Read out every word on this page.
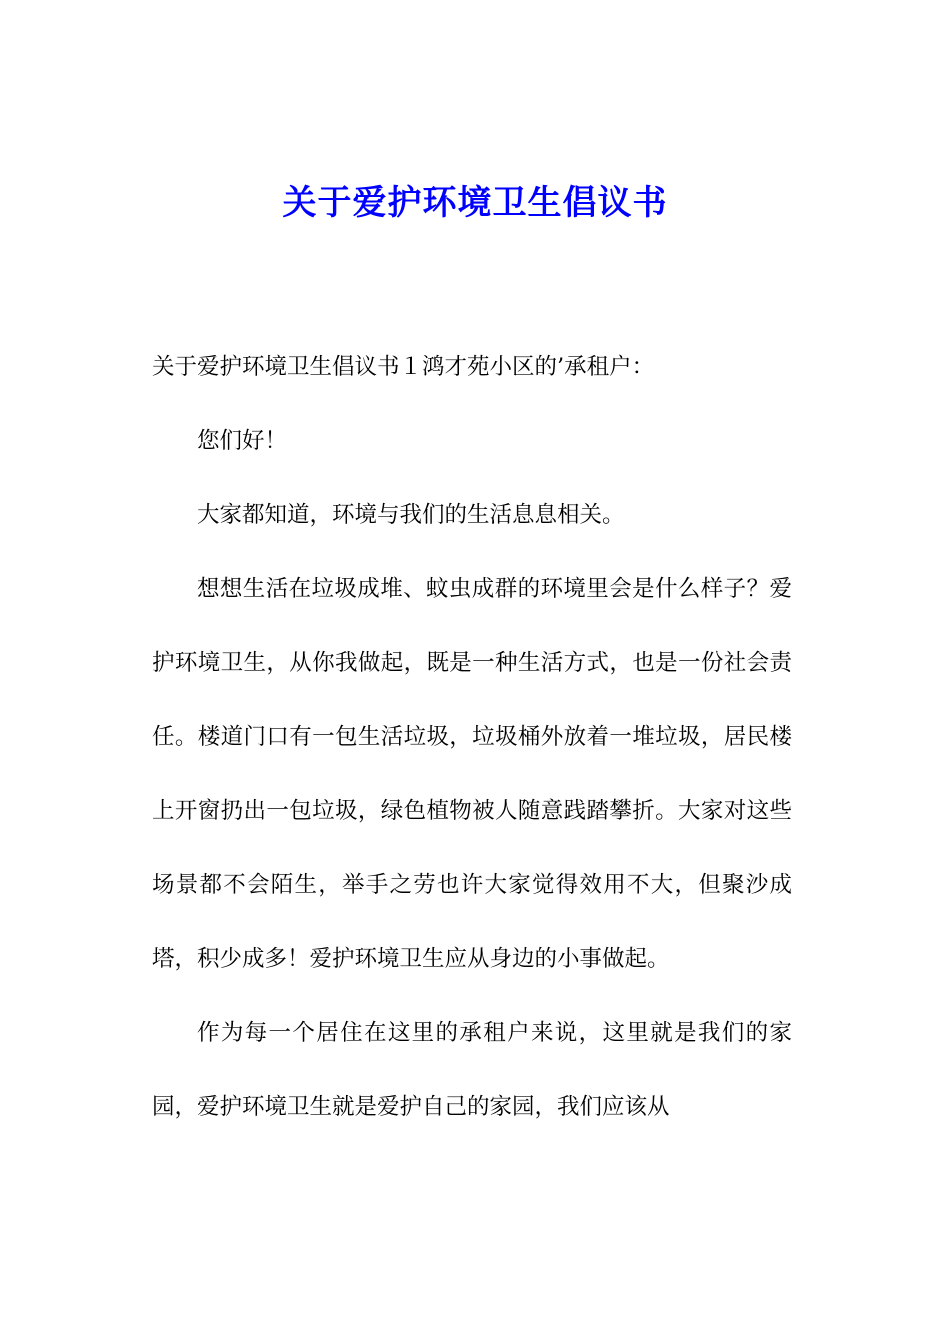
关于爱护环境卫生倡议书

关于爱护环境卫生倡议书１鸿才苑小区的’承租户：

您们好！

大家都知道，环境与我们的生活息息相关。

想想生活在垃圾成堆、蚊虫成群的环境里会是什么样子？爱护环境卫生，从你我做起，既是一种生活方式，也是一份社会责任。楼道门口有一包生活垃圾，垃圾桶外放着一堆垃圾，居民楼上开窗扔出一包垃圾，绿色植物被人随意践踏攀折。大家对这些场景都不会陌生，举手之劳也许大家觉得效用不大，但聚沙成塔，积少成多！爱护环境卫生应从身边的小事做起。

作为每一个居住在这里的承租户来说，这里就是我们的家园，爱护环境卫生就是爱护自己的家园，我们应该从
